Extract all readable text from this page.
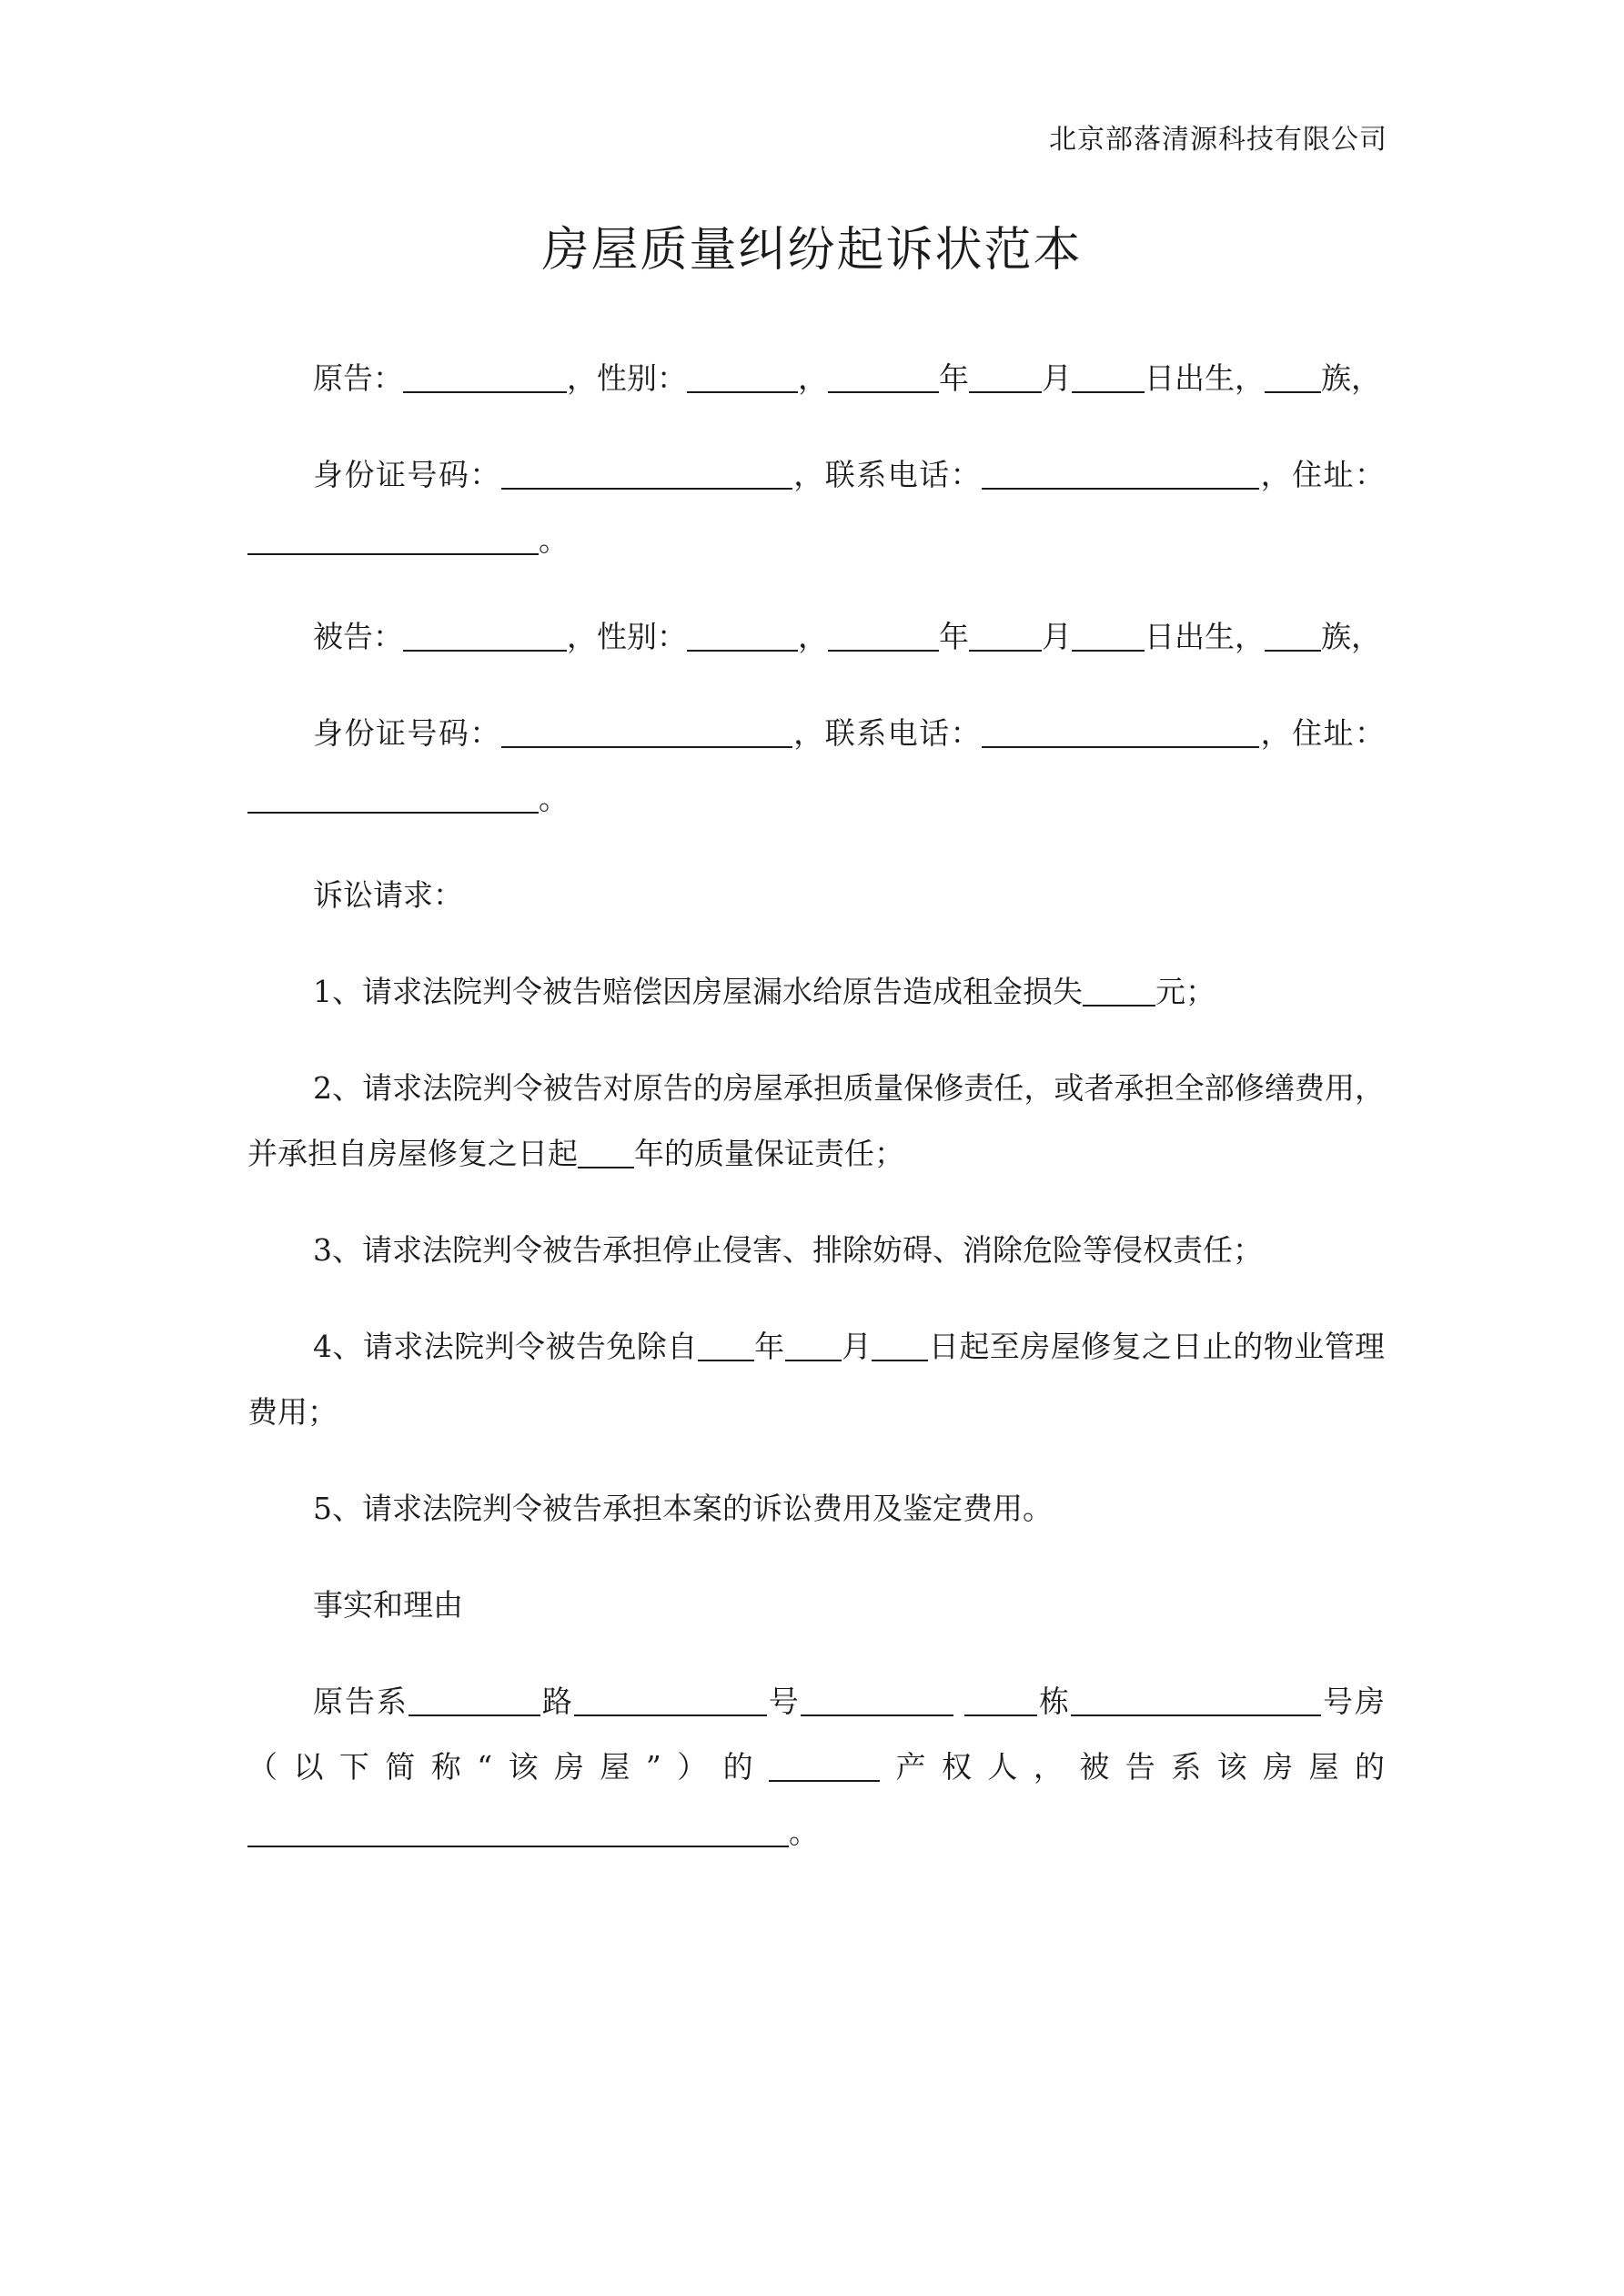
北京部落清源科技有限公司
房屋质量纠纷起诉状范本

原告：	，性别：	，	年 月 日出生， 族，

身份证号码：	，联系电话：	，住址：。

被告：	，性别：	，	年 月 日出生， 族，

身份证号码：	，联系电话：	，住址：。

诉讼请求：

1、请求法院判令被告赔偿因房屋漏水给原告造成租金损失 元；

2、请求法院判令被告对原告的房屋承担质量保修责任，或者承担全部修缮费用，并承担自房屋修复之日起 年的质量保证责任；

3、请求法院判令被告承担停止侵害、排除妨碍、消除危险等侵权责任；

4、请求法院判令被告免除自 年 月 日起至房屋修复之日止的物业管理费用；

5、请求法院判令被告承担本案的诉讼费用及鉴定费用。

事实和理由

原告系	路	号	栋	号房（以下简称“该房屋”）的	产权人，被告系该房屋的。
